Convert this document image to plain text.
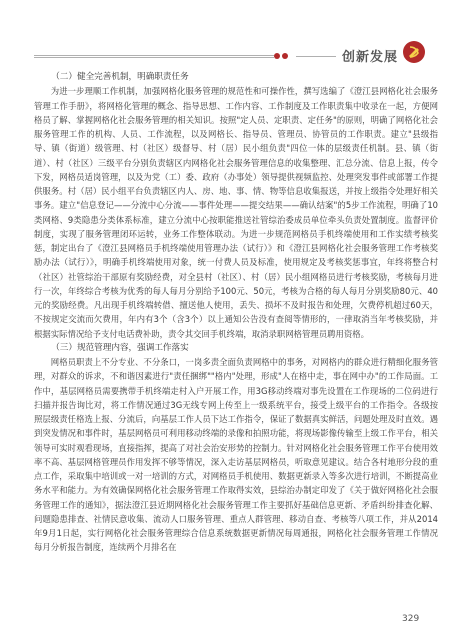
创新发展
（二）健全完善机制，明确职责任务

为进一步理顺工作机制，加强网格化服务管理的规范性和可操作性，撰写选编了《澄江县网格化社会服务管理工作手册》，将网格化管理的概念、指导思想、工作内容、工作制度及工作职责集中收录在一起，方便网格员了解、掌握网格化社会服务管理的相关知识。按照"定人员、定职责、定任务"的原则，明确了网格化社会服务管理工作的机构、人员、工作流程，以及网格长、指导员、管理员、协管员的工作职责。建立"县级指导、镇（街道）级管理、村（社区）级督导、村（居）民小组负责"四位一体的层级责任机制。县、镇（街道）、村（社区）三级平台分别负责辖区内网格化社会服务管理信息的收集整理、汇总分流、信息上报，传令下发，网格员适岗管理，以及为党（工）委、政府（办事处）领导提供视频监控、处理突发事件或部署工作提供服务。村（居）民小组平台负责辖区内人、房、地、事、情、物等信息收集报送，并按上级指令处理好相关事务。建立"信息登记——分流中心分流——事件处理——提交结果——确认结案"的5步工作流程，明确了10类网格、9类隐患分类体系标准，建立分流中心按职能推送社管综治委成员单位牵头负责处置制度。监督评价制度，实现了服务管理闭环运转，业务工作整体联动。为进一步规范网格员手机终端使用和工作实绩考核奖惩，制定出台了《澄江县网格员手机终端使用管理办法（试行）》和《澄江县网格化社会服务管理工作考核奖励办法（试行）》，明确手机终端使用对象，统一付费人员及标准，使用规定及考核奖惩事宜，年终将整合村（社区）社管综治干部原有奖励经费，对全县村（社区）、村（居）民小组网格员进行考核奖励，考核每月进行一次，年终综合考核为优秀的每人每月分别给予100元、50元，考核为合格的每人每月分别奖励80元、40元的奖励经费。凡出现手机终端转借、擅送他人使用，丢失、损坏不及时报告和处理，欠费停机超过60天，不按规定交流而欠费用，年内有3个（含3个）以上通知公告没有查阅等情形的，一律取消当年考核奖励，并根据实际情况给予支付电话费补助，责令其交回手机终端，取消录职网格管理员聘用资格。

（三）规范管理内容，强调工作落实

网格员职责上不分专业、不分条口，一岗多责全面负责网格中的事务，对网格内的群众进行精细化服务管理，对群众的诉求，不和谐因素进行"责任捆绑""格内"处理，形成"人在格中走，事在网中办"的工作局面。工作中，基层网格员需要携带手机终端走村入户开展工作，用3G移动终端对事先设置在工作现场的二位码进行扫描并报告询比对，将工作情况通过3G无线专网上传至上一级系统平台，接受上级平台的工作指令。各级按照层级责任格选上报、分流后，向基层工作人员下达工作指令，保证了数据真实鲜活，问题处理及时直效。遇到突发情况和事件时，基层网格员可利用移动终端的录像和拍照功能，将现场影像传输至上级工作平台，相关领导可实时观看现场，直接指挥，提高了对社会治安形势的控制力。针对网格化社会服务管理工作平台使用效率不高、基层网格管理员作用发挥不够等情况，深入走访基层网格员，听取意见建议。结合各村地形分段的重点工作，采取集中培训或一对一培训的方式，对网格员手机使用、数据更新录入等多次进行培训，不断提高业务水平和能力。为有效确保网格化社会服务管理工作取得实效，县综治办制定印发了《关于做好网格化社会服务管理工作的通知》，据法澄江县近期网格化社会服务管理工作主要抓好基础信息更新、矛盾纠纷排查化解、问题隐患排查、社情民意收集、流动人口服务管理、重点人群管理、移动自查、考核等八项工作，并从2014年9月1日起，实行网格化社会服务管理综合信息系统数据更新情况每周通报，网格化社会服务管理工作情况每月分析报告制度，连续两个月排名在

329
